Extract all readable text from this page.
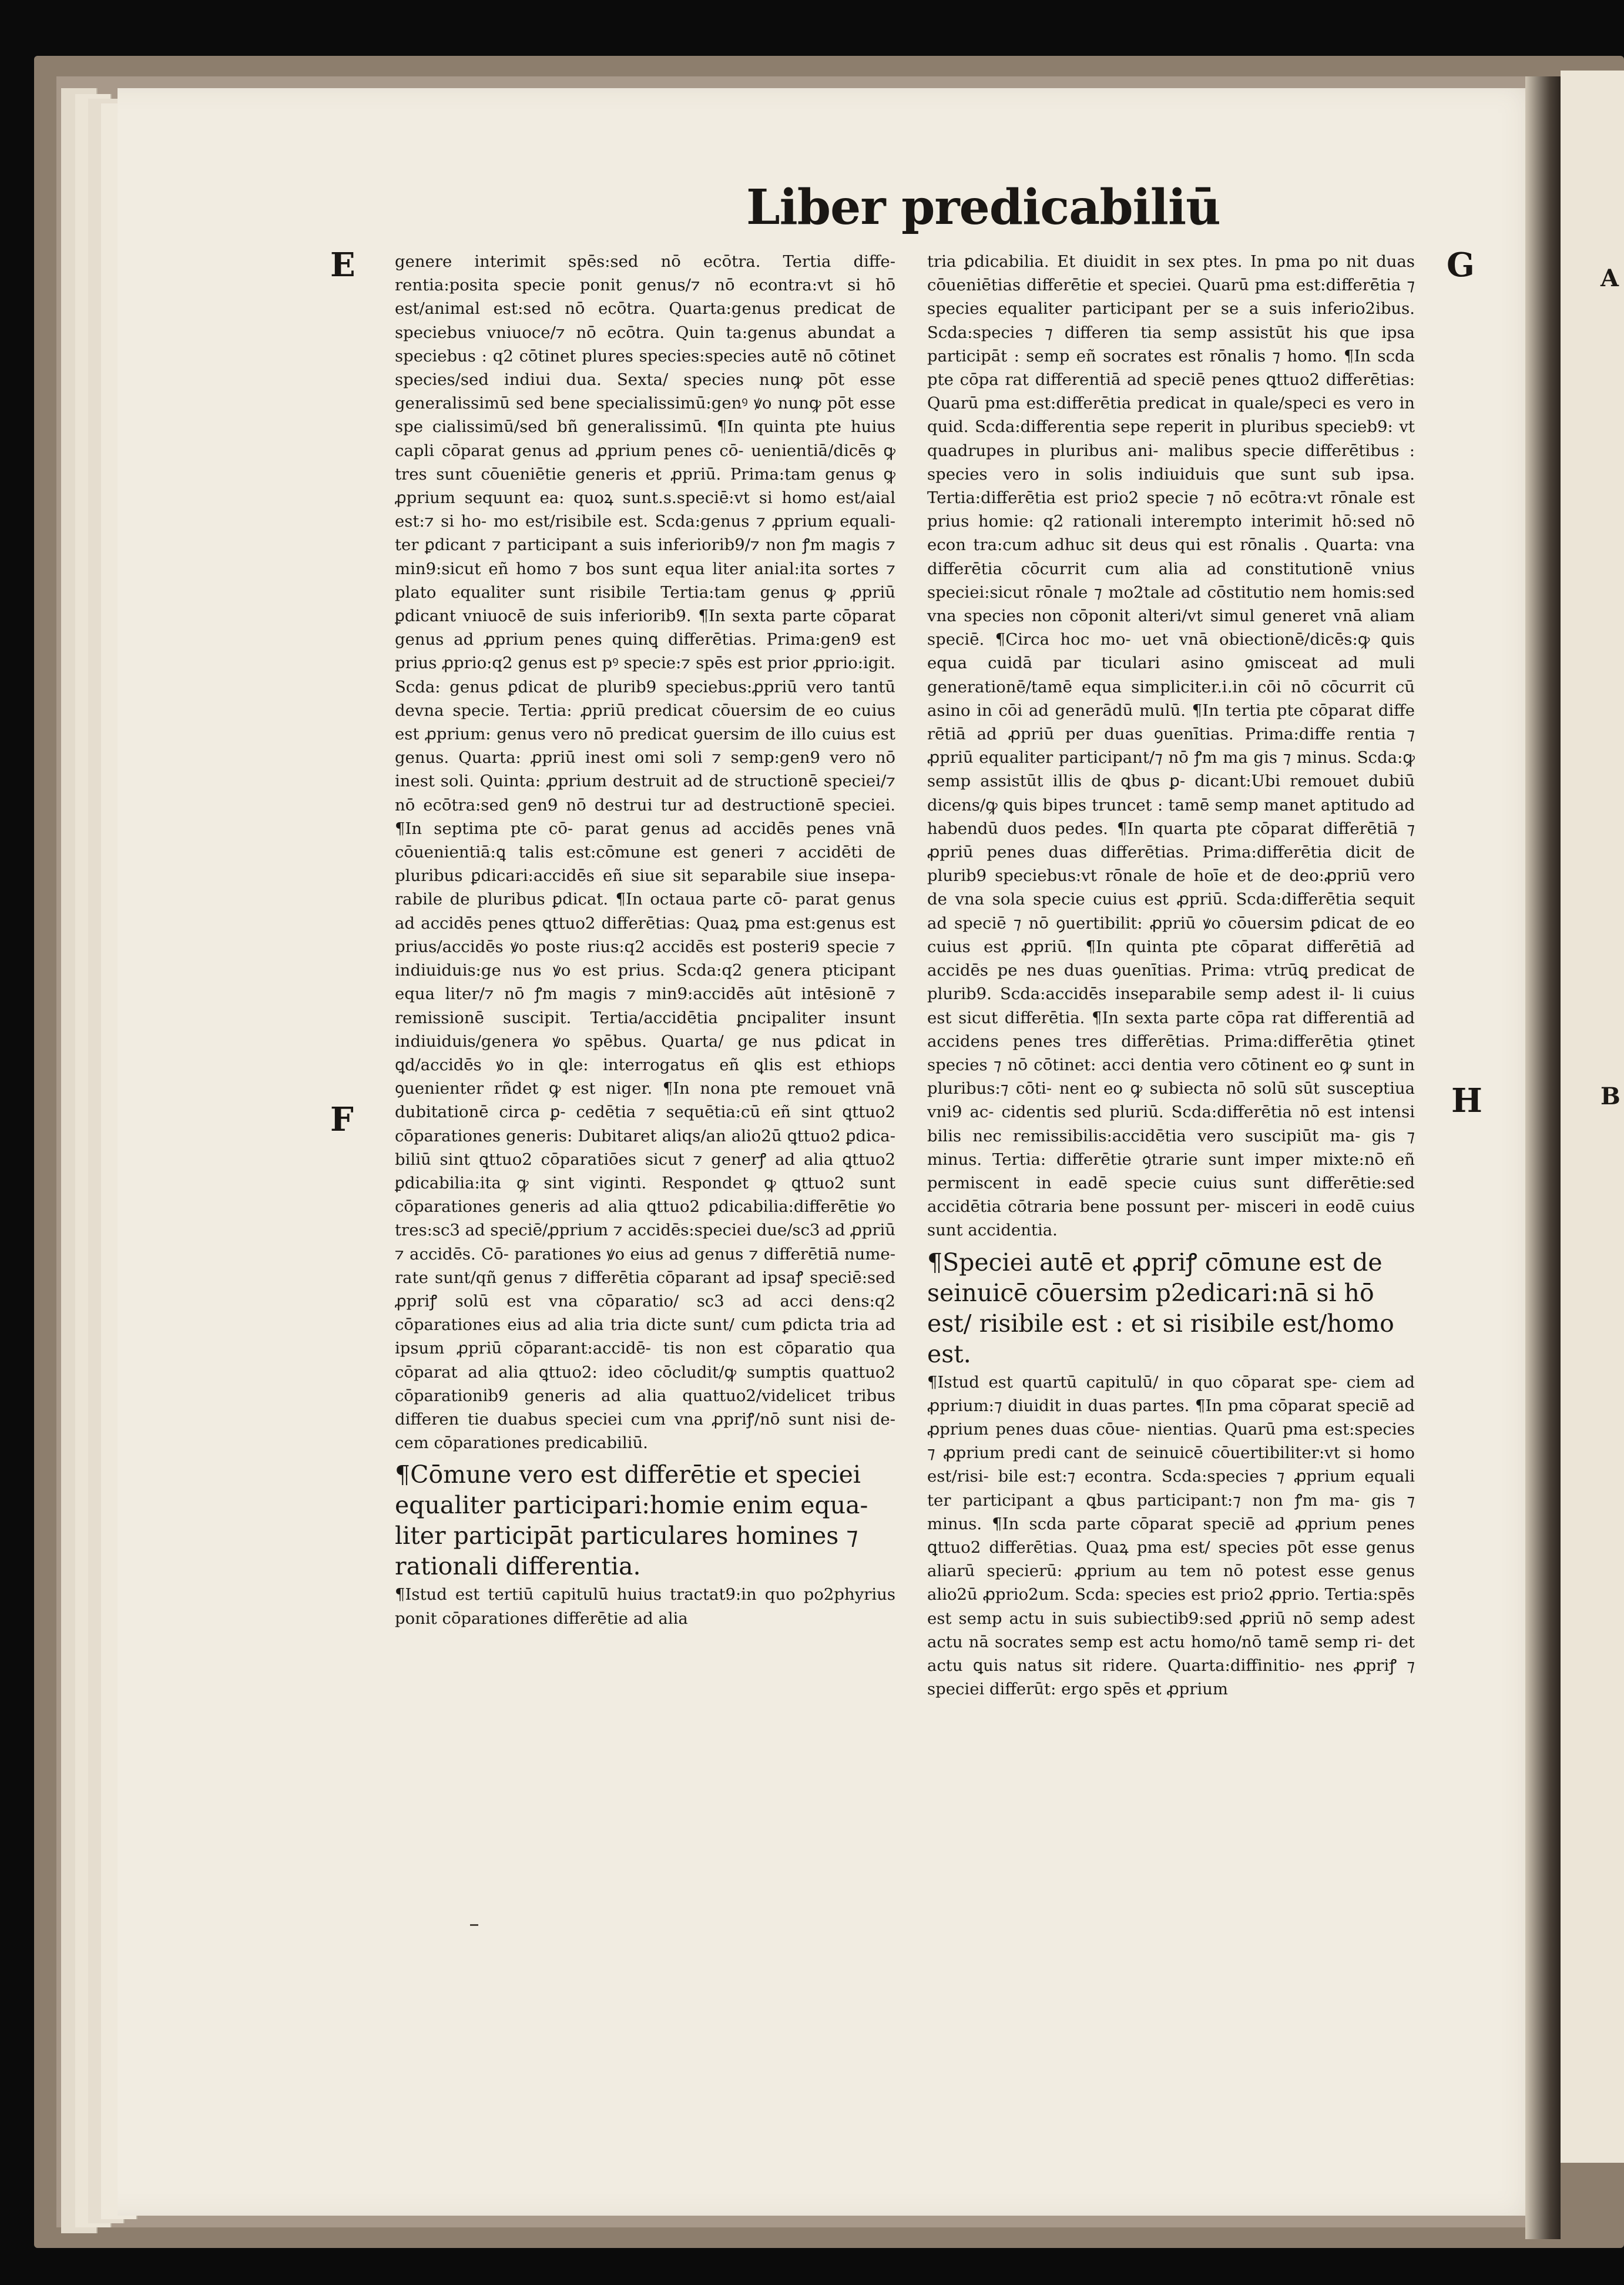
A
B
Liber predicabiliū
E	G
F	H

genere interimit spēs:sed nō ecōtra. Tertia diffe- rentia:posita specie ponit genus/⁊ nō econtra:vt si hō est/animal est:sed nō ecōtra. Quarta:genus predicat de speciebus vniuoce/⁊ nō ecōtra. Quin ta:genus abundat a speciebus : q2 cōtinet plures species:species autē nō cōtinet species/sed indiui dua. Sexta/ species nunꝙ pōt esse generalissimū sed bene specialissimū:genꝰ ꝟo nunꝙ pōt esse spe cialissimū/sed bñ generalissimū. ¶In quinta pte huius capli cōparat genus ad ꝓprium penes cō- uenientiā/dicēs ꝙ tres sunt cōueniētie generis et ꝓpriū. Prima:tam genus ꝙ ꝓprium sequunt ea: quoꝝ sunt.s.speciē:vt si homo est/aial est:⁊ si ho- mo est/risibile est. Scda:genus ⁊ ꝓprium equali- ter ꝑdicant ⁊ participant a suis inferiorib9/⁊ non ꝭm magis ⁊ min9:sicut eñ homo ⁊ bos sunt equa liter anial:ita sortes ⁊ plato equaliter sunt risibile Tertia:tam genus ꝙ ꝓpriū ꝑdicant vniuocē de suis inferiorib9. ¶In sexta parte cōparat genus ad ꝓprium penes quinꝗ differētias. Prima:gen9 est prius ꝓprio:q2 genus est pꝰ specie:⁊ spēs est prior ꝓprio:igit. Scda: genus ꝑdicat de plurib9 speciebus:ꝓpriū vero tantū devna specie. Tertia: ꝓpriū predicat cōuersim de eo cuius est ꝓprium: genus vero nō predicat ꝯuersim de illo cuius est genus. Quarta: ꝓpriū inest omi soli ⁊ semp:gen9 vero nō inest soli. Quinta: ꝓprium destruit ad de structionē speciei/⁊ nō ecōtra:sed gen9 nō destrui tur ad destructionē speciei. ¶In septima pte cō- parat genus ad accidēs penes vnā cōuenientiā:ꝗ talis est:cōmune est generi ⁊ accidēti de pluribus ꝑdicari:accidēs eñ siue sit separabile siue insepa- rabile de pluribus ꝑdicat. ¶In octaua parte cō- parat genus ad accidēs penes ꝗttuo2 differētias: Quaꝝ pma est:genus est prius/accidēs ꝟo poste rius:q2 accidēs est posteri9 specie ⁊ indiuiduis:ge nus ꝟo est prius. Scda:q2 genera pticipant equa liter/⁊ nō ꝭm magis ⁊ min9:accidēs aūt intēsionē ⁊ remissionē suscipit. Tertia/accidētia ꝑncipaliter insunt indiuiduis/genera ꝟo spēbus. Quarta/ ge nus ꝑdicat in ꝗd/accidēs ꝟo in ꝗle: interrogatus eñ ꝗlis est ethiops ꝯuenienter rñdet ꝙ est niger. ¶In nona pte remouet vnā dubitationē circa ꝑ- cedētia ⁊ sequētia:cū eñ sint ꝗttuo2 cōparationes generis: Dubitaret aliqs/an alio2ū ꝗttuo2 ꝑdica- biliū sint ꝗttuo2 cōparatiōes sicut ⁊ generꝭ ad alia ꝗttuo2 ꝑdicabilia:ita ꝙ sint viginti. Respondet ꝙ ꝗttuo2 sunt cōparationes generis ad alia ꝗttuo2 ꝑdicabilia:differētie ꝟo tres:sc3 ad speciē/ꝓprium ⁊ accidēs:speciei due/sc3 ad ꝓpriū ⁊ accidēs. Cō- parationes ꝟo eius ad genus ⁊ differētiā nume- rate sunt/qñ genus ⁊ differētia cōparant ad ipsaꝭ speciē:sed ꝓpriꝭ solū est vna cōparatio/ sc3 ad acci dens:q2 cōparationes eius ad alia tria dicte sunt/ cum ꝑdicta tria ad ipsum ꝓpriū cōparant:accidē- tis non est cōparatio qua cōparat ad alia ꝗttuo2: ideo cōcludit/ꝙ sumptis quattuo2 cōparationib9 generis ad alia quattuo2/videlicet tribus differen tie duabus speciei cum vna ꝓpriꝭ/nō sunt nisi de- cem cōparationes predicabiliū.

¶Cōmune vero est differētie et speciei equaliter participari:homie enim equa- liter participāt particulares homines ⁊ rationali differentia.

¶Istud est tertiū capitulū huius tractat9:in quo po2phyrius ponit cōparationes differētie ad alia

tria ꝑdicabilia. Et diuidit in sex ptes. In pma po nit duas cōueniētias differētie et speciei. Quarū pma est:differētia ⁊ species equaliter participant per se a suis inferio2ibus. Scda:species ⁊ differen tia semp assistūt his que ipsa participāt : semp eñ socrates est rōnalis ⁊ homo. ¶In scda pte cōpa rat differentiā ad speciē penes ꝗttuo2 differētias: Quarū pma est:differētia predicat in quale/speci es vero in quid. Scda:differentia sepe reperit in pluribus specieb9: vt quadrupes in pluribus ani- malibus specie differētibus : species vero in solis indiuiduis que sunt sub ipsa. Tertia:differētia est prio2 specie ⁊ nō ecōtra:vt rōnale est prius homie: q2 rationali interempto interimit hō:sed nō econ tra:cum adhuc sit deus qui est rōnalis . Quarta: vna differētia cōcurrit cum alia ad constitutionē vnius speciei:sicut rōnale ⁊ mo2tale ad cōstitutio nem homis:sed vna species non cōponit alteri/vt simul generet vnā aliam speciē. ¶Circa hoc mo- uet vnā obiectionē/dicēs:ꝙ ꝗuis equa cuidā par ticulari asino ꝯmisceat ad muli generationē/tamē equa simpliciter.i.in cōi nō cōcurrit cū asino in cōi ad generādū mulū. ¶In tertia pte cōparat diffe rētiā ad ꝓpriū per duas ꝯuenītias. Prima:diffe rentia ⁊ ꝓpriū equaliter participant/⁊ nō ꝭm ma gis ⁊ minus. Scda:ꝙ semp assistūt illis de ꝗbus ꝑ- dicant:Ubi remouet dubiū dicens/ꝙ ꝗuis bipes truncet : tamē semp manet aptitudo ad habendū duos pedes. ¶In quarta pte cōparat differētiā ⁊ ꝓpriū penes duas differētias. Prima:differētia dicit de plurib9 speciebus:vt rōnale de hoīe et de deo:ꝓpriū vero de vna sola specie cuius est ꝓpriū. Scda:differētia sequit ad speciē ⁊ nō ꝯuertibilit: ꝓpriū ꝟo cōuersim ꝑdicat de eo cuius est ꝓpriū. ¶In quinta pte cōparat differētiā ad accidēs pe nes duas ꝯuenītias. Prima: vtrūꝗ predicat de plurib9. Scda:accidēs inseparabile semp adest il- li cuius est sicut differētia. ¶In sexta parte cōpa rat differentiā ad accidens penes tres differētias. Prima:differētia ꝯtinet species ⁊ nō cōtinet: acci dentia vero cōtinent eo ꝙ sunt in pluribus:⁊ cōti- nent eo ꝙ subiecta nō solū sūt susceptiua vni9 ac- cidentis sed pluriū. Scda:differētia nō est intensi bilis nec remissibilis:accidētia vero suscipiūt ma- gis ⁊ minus. Tertia: differētie ꝯtrarie sunt imper mixte:nō eñ permiscent in eadē specie cuius sunt differētie:sed accidētia cōtraria bene possunt per- misceri in eodē cuius sunt accidentia.

¶Speciei autē et ꝓpriꝭ cōmune est de seinuicē cōuersim p2edicari:nā si hō est/ risibile est : et si risibile est/homo est.

¶Istud est quartū capitulū/ in quo cōparat spe- ciem ad ꝓprium:⁊ diuidit in duas partes. ¶In pma cōparat speciē ad ꝓprium penes duas cōue- nientias. Quarū pma est:species ⁊ ꝓprium predi cant de seinuicē cōuertibiliter:vt si homo est/risi- bile est:⁊ econtra. Scda:species ⁊ ꝓprium equali ter participant a ꝗbus participant:⁊ non ꝭm ma- gis ⁊ minus. ¶In scda parte cōparat speciē ad ꝓprium penes ꝗttuo2 differētias. Quaꝝ pma est/ species pōt esse genus aliarū specierū: ꝓprium au tem nō potest esse genus alio2ū ꝓprio2um. Scda: species est prio2 ꝓprio. Tertia:spēs est semp actu in suis subiectib9:sed ꝓpriū nō semp adest actu nā socrates semp est actu homo/nō tamē semp ri- det actu ꝗuis natus sit ridere. Quarta:diffinitio- nes ꝓpriꝭ ⁊ speciei differūt: ergo spēs et ꝓprium
